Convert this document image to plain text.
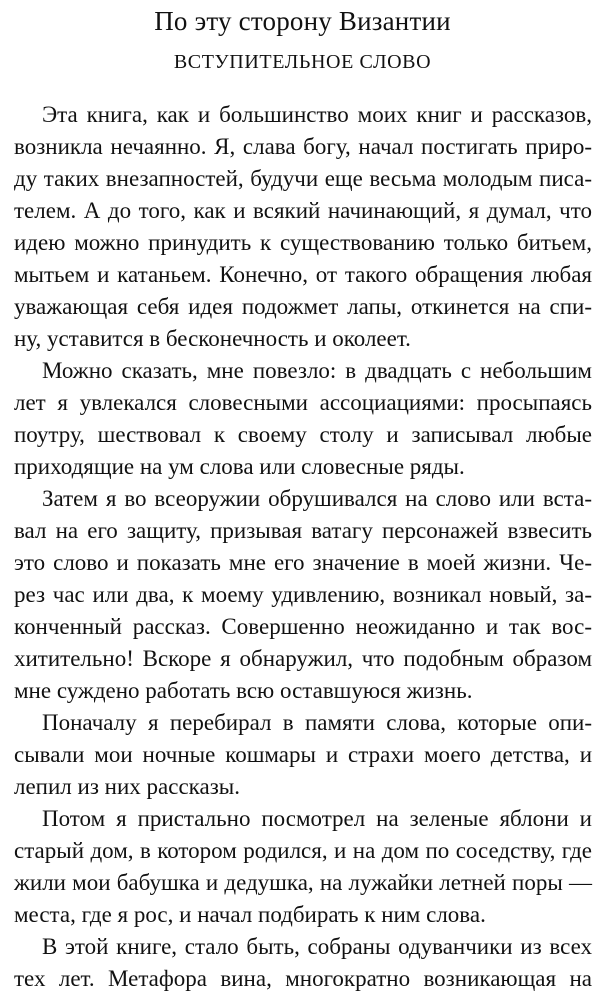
По эту сторону Византии
ВСТУПИТЕЛЬНОЕ СЛОВО
Эта книга, как и большинство моих книг и рассказов,
возникла нечаянно. Я, слава богу, начал постигать приро-
ду таких внезапностей, будучи еще весьма молодым писа-
телем. А до того, как и всякий начинающий, я думал, что
идею можно принудить к существованию только битьем,
мытьем и катаньем. Конечно, от такого обращения любая
уважающая себя идея подожмет лапы, откинется на спи-
ну, уставится в бесконечность и околеет.
Можно сказать, мне повезло: в двадцать с небольшим
лет я увлекался словесными ассоциациями: просыпаясь
поутру, шествовал к своему столу и записывал любые
приходящие на ум слова или словесные ряды.
Затем я во всеоружии обрушивался на слово или вста-
вал на его защиту, призывая ватагу персонажей взвесить
это слово и показать мне его значение в моей жизни. Че-
рез час или два, к моему удивлению, возникал новый, за-
конченный рассказ. Совершенно неожиданно и так вос-
хитительно! Вскоре я обнаружил, что подобным образом
мне суждено работать всю оставшуюся жизнь.
Поначалу я перебирал в памяти слова, которые опи-
сывали мои ночные кошмары и страхи моего детства, и
лепил из них рассказы.
Потом я пристально посмотрел на зеленые яблони и
старый дом, в котором родился, и на дом по соседству, где
жили мои бабушка и дедушка, на лужайки летней поры —
места, где я рос, и начал подбирать к ним слова.
В этой книге, стало быть, собраны одуванчики из всех
тех лет. Метафора вина, многократно возникающая на
